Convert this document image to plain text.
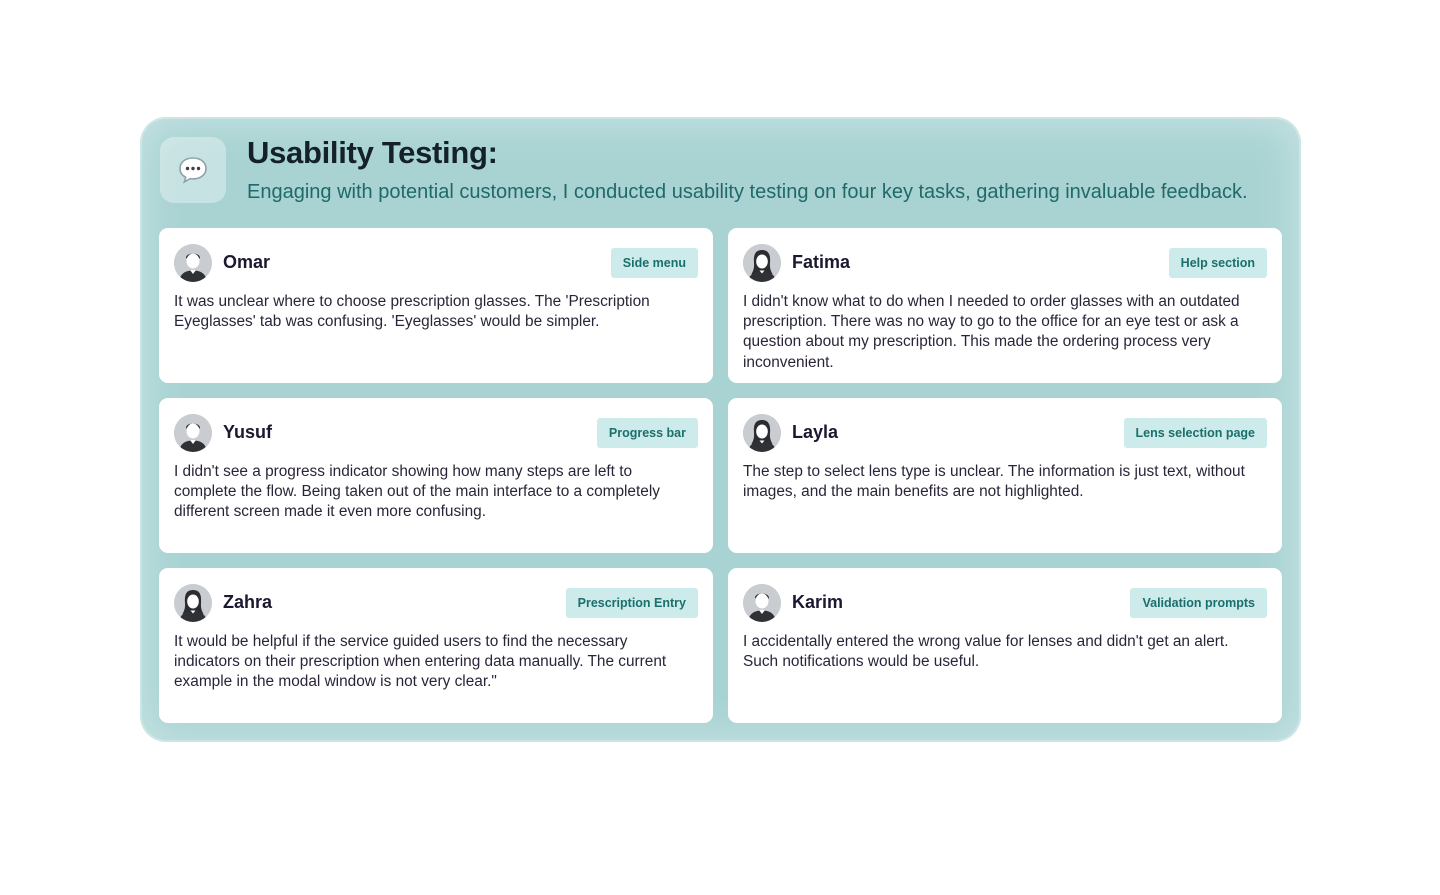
Usability Testing:

Engaging with potential customers, I conducted usability testing on four key tasks, gathering invaluable feedback.

Omar	Side menu

It was unclear where to choose prescription glasses. The 'Prescription Eyeglasses' tab was confusing. 'Eyeglasses' would be simpler.

Fatima	Help section

I didn't know what to do when I needed to order glasses with an outdated prescription. There was no way to go to the office for an eye test or ask a question about my prescription. This made the ordering process very inconvenient.

Yusuf	Progress bar

I didn't see a progress indicator showing how many steps are left to complete the flow. Being taken out of the main interface to a completely different screen made it even more confusing.

Layla	Lens selection page

The step to select lens type is unclear. The information is just text, without images, and the main benefits are not highlighted.

Zahra	Prescription Entry

It would be helpful if the service guided users to find the necessary indicators on their prescription when entering data manually. The current example in the modal window is not very clear."

Karim	Validation prompts

I accidentally entered the wrong value for lenses and didn't get an alert. Such notifications would be useful.
